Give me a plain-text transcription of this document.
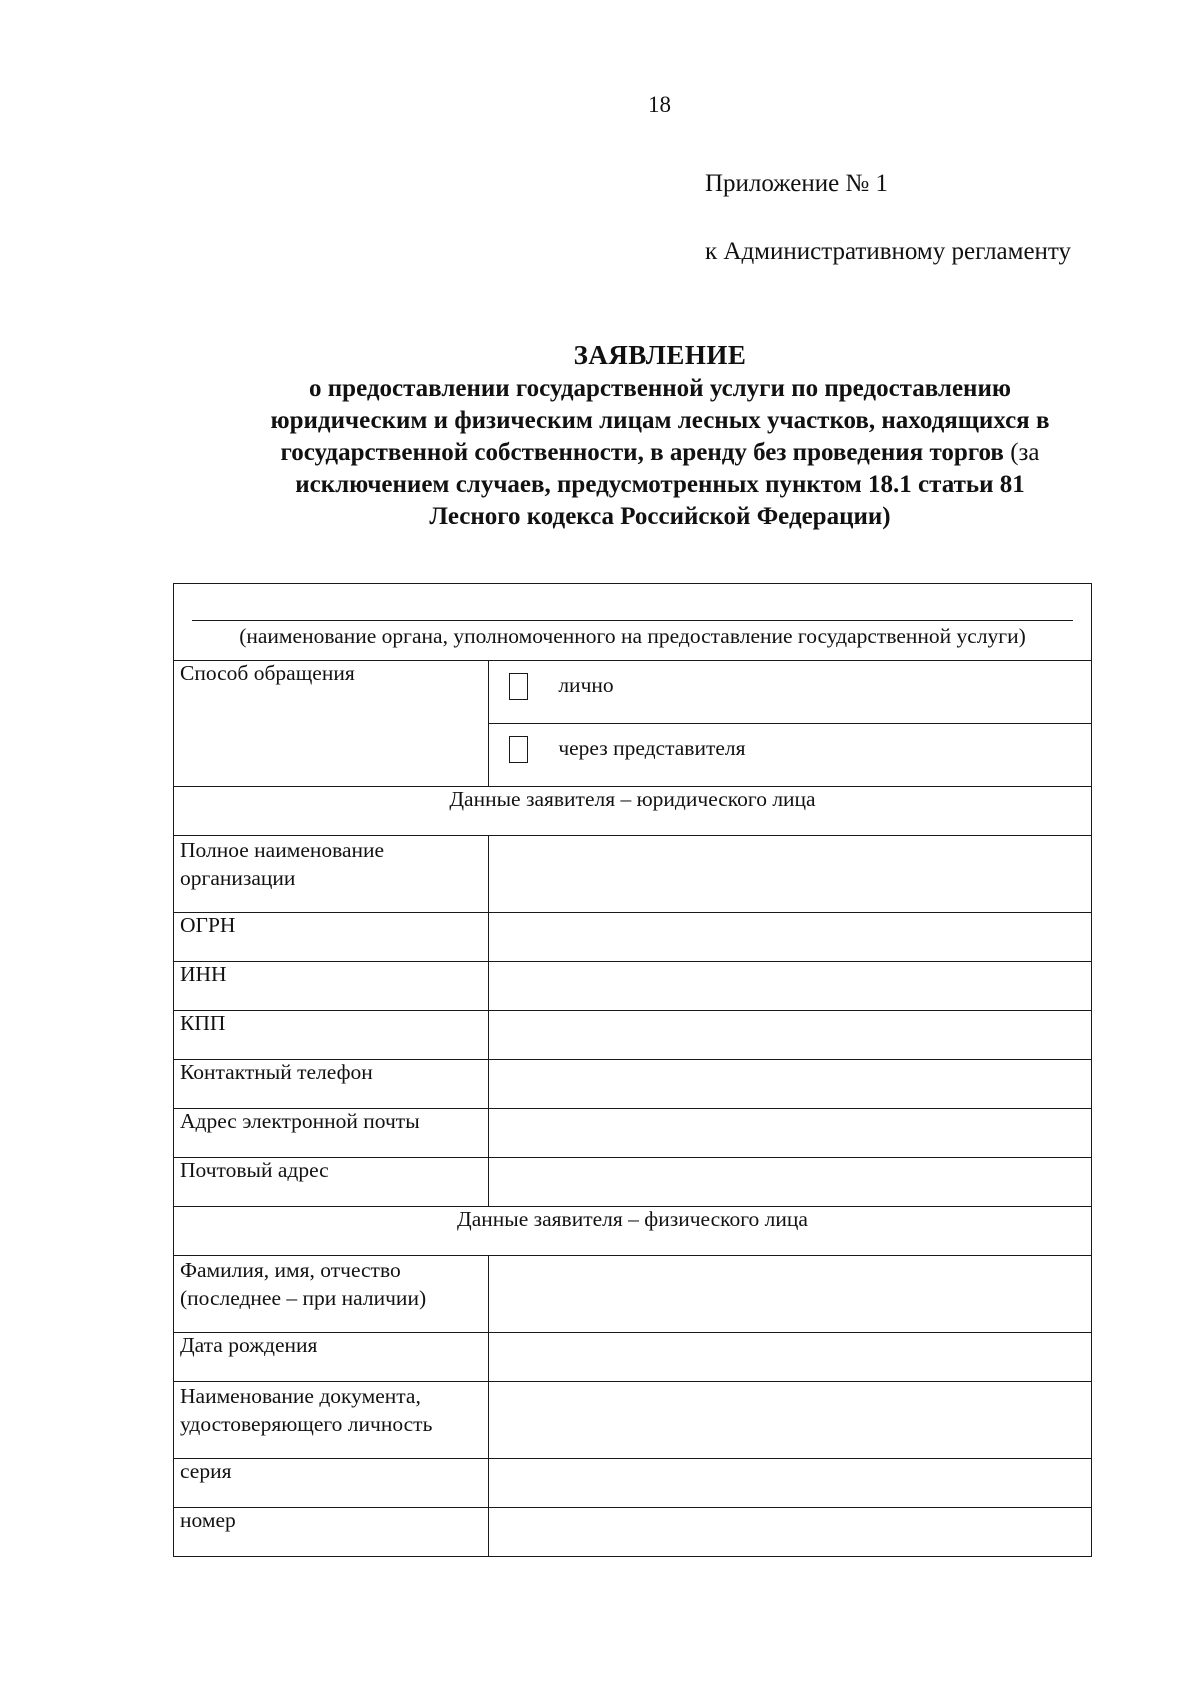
18
Приложение № 1
к Административному регламенту
ЗАЯВЛЕНИЕ
о предоставлении государственной услуги по предоставлению
юридическим и физическим лицам лесных участков, находящихся в
государственной собственности, в аренду без проведения торгов (за
исключением случаев, предусмотренных пунктом 18.1 статьи 81
Лесного кодекса Российской Федерации)
(наименование органа, уполномоченного на предоставление государственной услуги)	

Способ обращения	лично

	через представителя

Данные заявителя – юридического лица	
Полное наименование организации	
ОГРН	
ИНН	
КПП	
Контактный телефон	
Адрес электронной почты	
Почтовый адрес	
Данные заявителя – физического лица	
Фамилия, имя, отчество (последнее – при наличии)	
Дата рождения	
Наименование документа, удостоверяющего личность	
серия	
номер	
